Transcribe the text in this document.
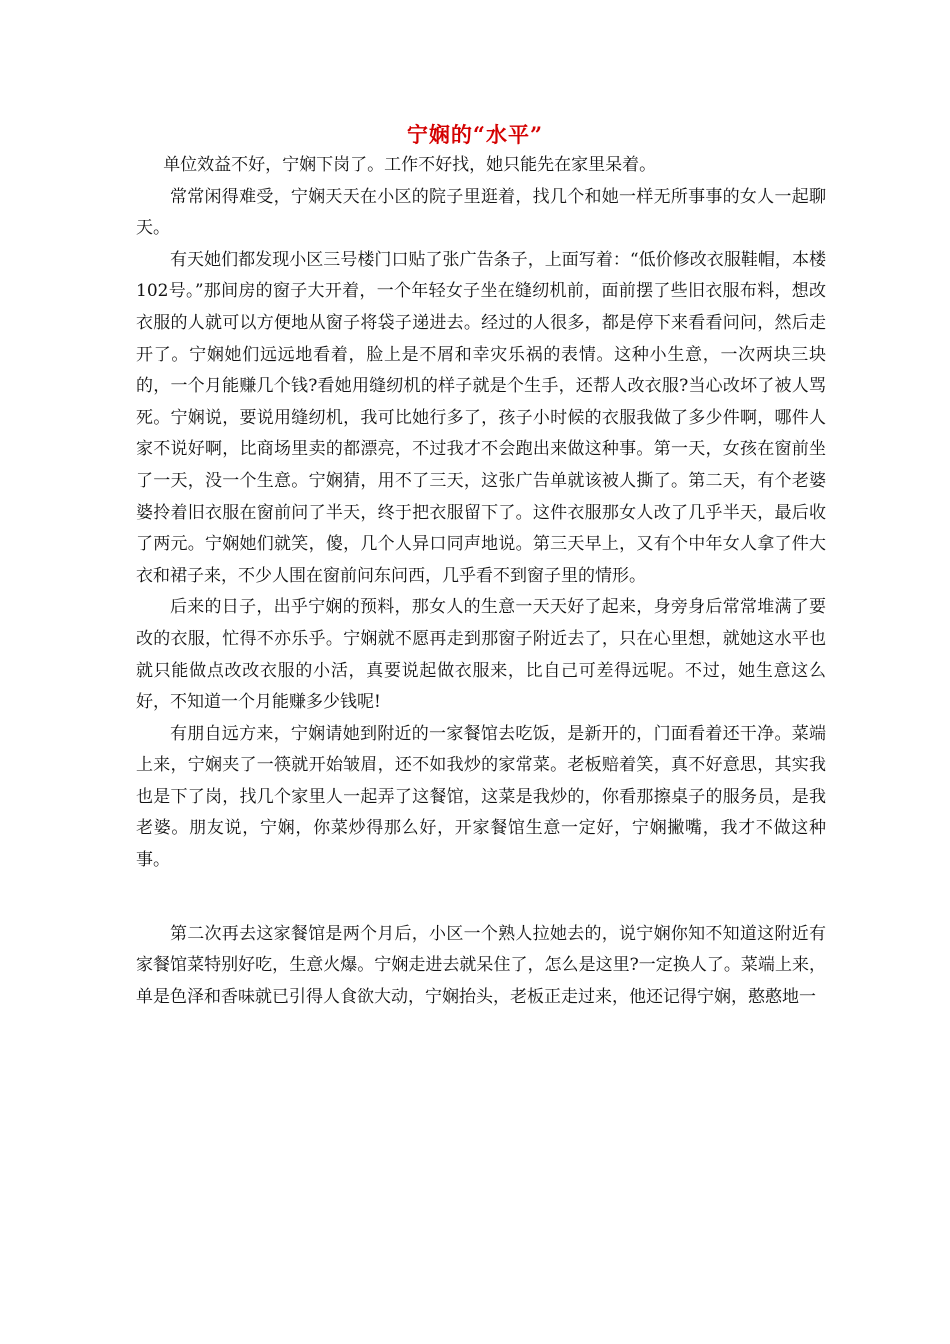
宁娴的“水平”

单位效益不好，宁娴下岗了。工作不好找，她只能先在家里呆着。

常常闲得难受，宁娴天天在小区的院子里逛着，找几个和她一样无所事事的女人一起聊天。

有天她们都发现小区三号楼门口贴了张广告条子，上面写着：“低价修改衣服鞋帽，本楼102号。”那间房的窗子大开着，一个年轻女子坐在缝纫机前，面前摆了些旧衣服布料，想改衣服的人就可以方便地从窗子将袋子递进去。经过的人很多，都是停下来看看问问，然后走开了。宁娴她们远远地看着，脸上是不屑和幸灾乐祸的表情。这种小生意，一次两块三块的，一个月能赚几个钱?看她用缝纫机的样子就是个生手，还帮人改衣服?当心改坏了被人骂死。宁娴说，要说用缝纫机，我可比她行多了，孩子小时候的衣服我做了多少件啊，哪件人家不说好啊，比商场里卖的都漂亮，不过我才不会跑出来做这种事。第一天，女孩在窗前坐了一天，没一个生意。宁娴猜，用不了三天，这张广告单就该被人撕了。第二天，有个老婆婆拎着旧衣服在窗前问了半天，终于把衣服留下了。这件衣服那女人改了几乎半天，最后收了两元。宁娴她们就笑，傻，几个人异口同声地说。第三天早上，又有个中年女人拿了件大衣和裙子来，不少人围在窗前问东问西，几乎看不到窗子里的情形。

后来的日子，出乎宁娴的预料，那女人的生意一天天好了起来，身旁身后常常堆满了要改的衣服，忙得不亦乐乎。宁娴就不愿再走到那窗子附近去了，只在心里想，就她这水平也就只能做点改改衣服的小活，真要说起做衣服来，比自己可差得远呢。不过，她生意这么好，不知道一个月能赚多少钱呢!

有朋自远方来，宁娴请她到附近的一家餐馆去吃饭，是新开的，门面看着还干净。菜端上来，宁娴夹了一筷就开始皱眉，还不如我炒的家常菜。老板赔着笑，真不好意思，其实我也是下了岗，找几个家里人一起弄了这餐馆，这菜是我炒的，你看那擦桌子的服务员，是我老婆。朋友说，宁娴，你菜炒得那么好，开家餐馆生意一定好，宁娴撇嘴，我才不做这种事。

第二次再去这家餐馆是两个月后，小区一个熟人拉她去的，说宁娴你知不知道这附近有家餐馆菜特别好吃，生意火爆。宁娴走进去就呆住了，怎么是这里?一定换人了。菜端上来，单是色泽和香味就已引得人食欲大动，宁娴抬头，老板正走过来，他还记得宁娴，憨憨地一
